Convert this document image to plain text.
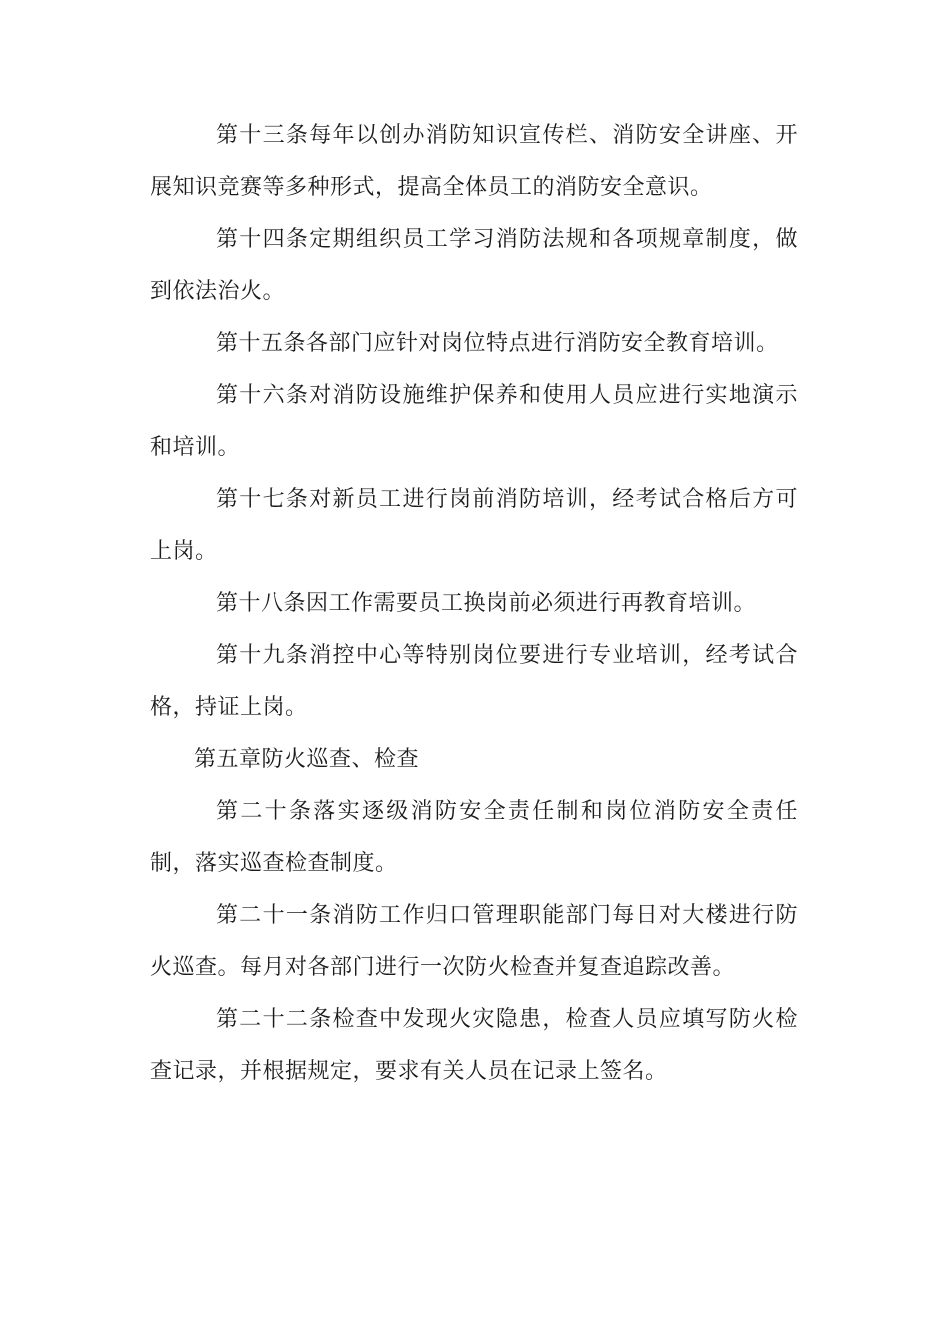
第十三条每年以创办消防知识宣传栏、消防安全讲座、开展知识竞赛等多种形式，提高全体员工的消防安全意识。

第十四条定期组织员工学习消防法规和各项规章制度，做到依法治火。

第十五条各部门应针对岗位特点进行消防安全教育培训。

第十六条对消防设施维护保养和使用人员应进行实地演示和培训。

第十七条对新员工进行岗前消防培训，经考试合格后方可上岗。

第十八条因工作需要员工换岗前必须进行再教育培训。

第十九条消控中心等特别岗位要进行专业培训，经考试合格，持证上岗。

第五章防火巡查、检查

第二十条落实逐级消防安全责任制和岗位消防安全责任制，落实巡查检查制度。

第二十一条消防工作归口管理职能部门每日对大楼进行防火巡查。每月对各部门进行一次防火检查并复查追踪改善。

第二十二条检查中发现火灾隐患，检查人员应填写防火检查记录，并根据规定，要求有关人员在记录上签名。
